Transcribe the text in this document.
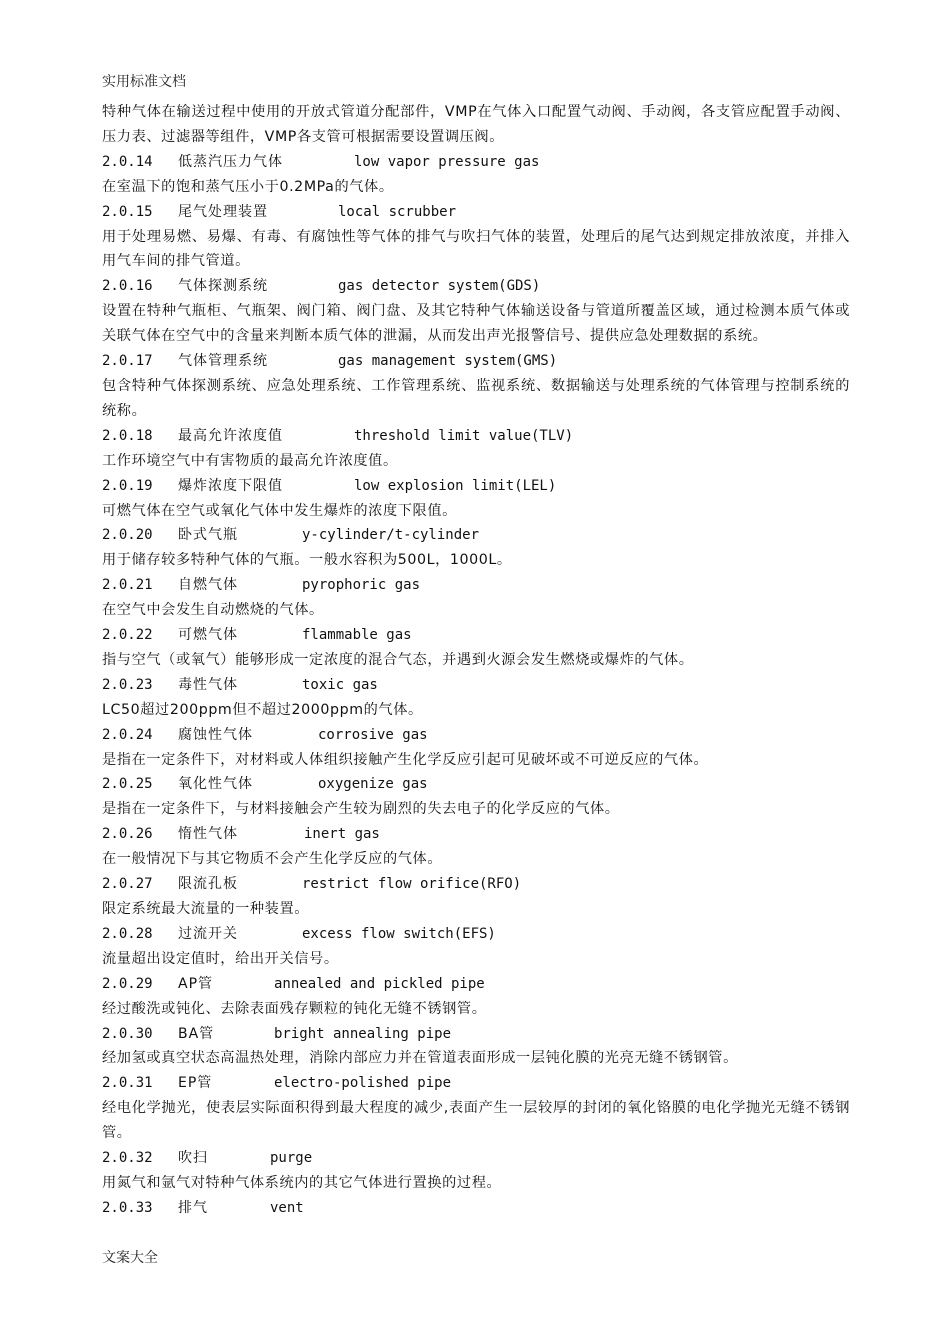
实用标准文档

特种气体在输送过程中使用的开放式管道分配部件，VMP在气体入口配置气动阀、手动阀，各支管应配置手动阀、压力表、过滤器等组件，VMP各支管可根据需要设置调压阀。

2.0.14 低蒸汽压力气体	low vapor pressure gas

在室温下的饱和蒸气压小于0.2MPa的气体。

2.0.15 尾气处理装置	local scrubber

用于处理易燃、易爆、有毒、有腐蚀性等气体的排气与吹扫气体的装置，处理后的尾气达到规定排放浓度，并排入用气车间的排气管道。

2.0.16 气体探测系统	gas detector system(GDS)

设置在特种气瓶柜、气瓶架、阀门箱、阀门盘、及其它特种气体输送设备与管道所覆盖区域，通过检测本质气体或关联气体在空气中的含量来判断本质气体的泄漏，从而发出声光报警信号、提供应急处理数据的系统。

2.0.17 气体管理系统	gas management system(GMS)

包含特种气体探测系统、应急处理系统、工作管理系统、监视系统、数据输送与处理系统的气体管理与控制系统的统称。

2.0.18 最高允许浓度值	threshold limit value(TLV)

工作环境空气中有害物质的最高允许浓度值。

2.0.19 爆炸浓度下限值	low explosion limit(LEL)

可燃气体在空气或氧化气体中发生爆炸的浓度下限值。

2.0.20 卧式气瓶	y-cylinder/t-cylinder

用于储存较多特种气体的气瓶。一般水容积为500L，1000L。

2.0.21 自燃气体	pyrophoric gas

在空气中会发生自动燃烧的气体。

2.0.22 可燃气体	flammable gas

指与空气（或氧气）能够形成一定浓度的混合气态，并遇到火源会发生燃烧或爆炸的气体。

2.0.23 毒性气体	toxic gas

LC50超过200ppm但不超过2000ppm的气体。

2.0.24 腐蚀性气体	corrosive gas

是指在一定条件下，对材料或人体组织接触产生化学反应引起可见破坏或不可逆反应的气体。

2.0.25 氧化性气体	oxygenize gas

是指在一定条件下，与材料接触会产生较为剧烈的失去电子的化学反应的气体。

2.0.26 惰性气体	inert gas

在一般情况下与其它物质不会产生化学反应的气体。

2.0.27 限流孔板	restrict flow orifice(RFO)

限定系统最大流量的一种装置。

2.0.28 过流开关	excess flow switch(EFS)

流量超出设定值时，给出开关信号。

2.0.29 AP管	annealed and pickled pipe

经过酸洗或钝化、去除表面残存颗粒的钝化无缝不锈钢管。

2.0.30 BA管	bright annealing pipe

经加氢或真空状态高温热处理，消除内部应力并在管道表面形成一层钝化膜的光亮无缝不锈钢管。

2.0.31 EP管	electro-polished pipe

经电化学抛光，使表层实际面积得到最大程度的减少,表面产生一层较厚的封闭的氧化铬膜的电化学抛光无缝不锈钢管。

2.0.32 吹扫	purge

用氮气和氩气对特种气体系统内的其它气体进行置换的过程。

2.0.33 排气	vent

文案大全
